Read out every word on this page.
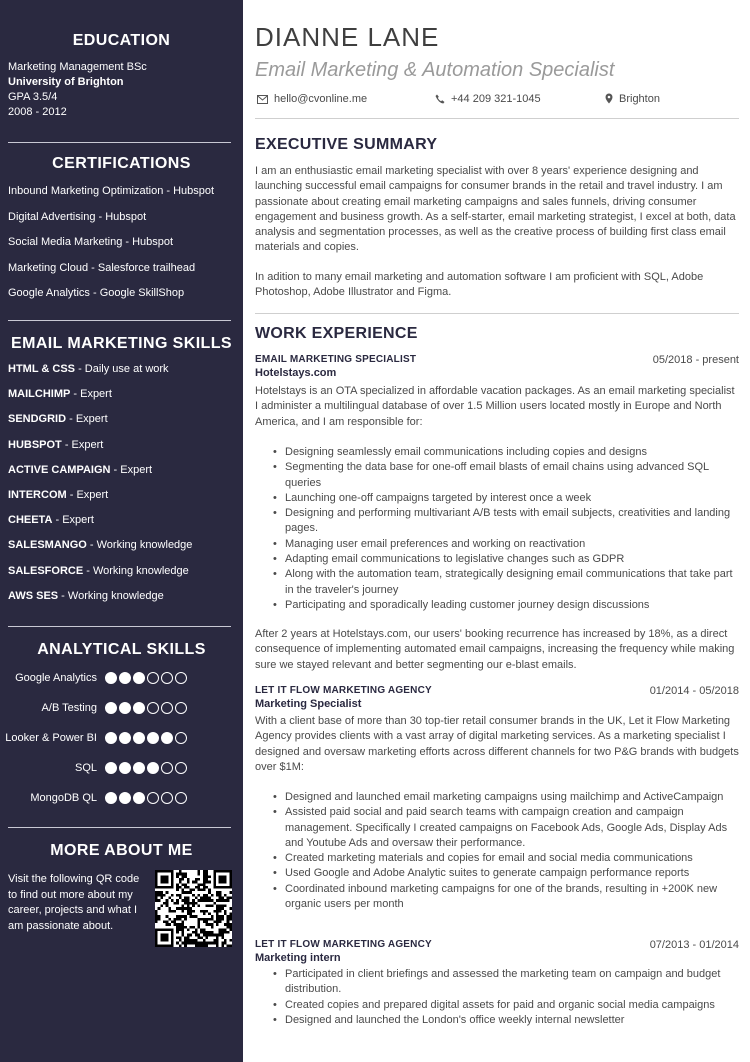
EDUCATION
Marketing Management BSc
University of Brighton
GPA 3.5/4
2008 - 2012
CERTIFICATIONS
Inbound Marketing Optimization - Hubspot
Digital Advertising - Hubspot
Social Media Marketing - Hubspot
Marketing Cloud - Salesforce trailhead
Google Analytics - Google SkillShop
EMAIL MARKETING SKILLS
HTML & CSS - Daily use at work
MAILCHIMP - Expert
SENDGRID - Expert
HUBSPOT - Expert
ACTIVE CAMPAIGN - Expert
INTERCOM - Expert
CHEETA - Expert
SALESMANGO - Working knowledge
SALESFORCE - Working knowledge
AWS SES - Working knowledge
ANALYTICAL SKILLS
Google Analytics
A/B Testing
Looker & Power BI
SQL
MongoDB QL
MORE ABOUT ME
Visit the following QR code to find out more about my career, projects and what I am passionate about.
DIANNE LANE
Email Marketing & Automation Specialist
hello@cvonline.me	+44 209 321-1045	Brighton
EXECUTIVE SUMMARY
I am an enthusiastic email marketing specialist with over 8 years' experience designing and launching successful email campaigns for consumer brands in the retail and travel industry. I am passionate about creating email marketing campaigns and sales funnels, driving consumer engagement and business growth. As a self-starter, email marketing strategist, I excel at both, data analysis and segmentation processes, as well as the creative process of building first class email materials and copies.
In adition to many email marketing and automation software I am proficient with SQL, Adobe Photoshop, Adobe Illustrator and Figma.
WORK EXPERIENCE
EMAIL MARKETING SPECIALIST	05/2018 - present
Hotelstays.com
Hotelstays is an OTA specialized in affordable vacation packages. As an email marketing specialist I administer a multilingual database of over 1.5 Million users located mostly in Europe and North America, and I am responsible for:
• Designing seamlessly email communications including copies and designs
• Segmenting the data base for one-off email blasts of email chains using advanced SQL queries
• Launching one-off campaigns targeted by interest once a week
• Designing and performing multivariant A/B tests with email subjects, creativities and landing pages.
• Managing user email preferences and working on reactivation
• Adapting email communications to legislative changes such as GDPR
• Along with the automation team, strategically designing email communications that take part in the traveler's journey
• Participating and sporadically leading customer journey design discussions
After 2 years at Hotelstays.com, our users' booking recurrence has increased by 18%, as a direct consequence of implementing automated email campaigns, increasing the frequency while making sure we stayed relevant and better segmenting our e-blast emails.
LET IT FLOW MARKETING AGENCY	01/2014 - 05/2018
Marketing Specialist
With a client base of more than 30 top-tier retail consumer brands in the UK, Let it Flow Marketing Agency provides clients with a vast array of digital marketing services. As a marketing specialist I designed and oversaw marketing efforts across different channels for two P&G brands with budgets over $1M:
• Designed and launched email marketing campaigns using mailchimp and ActiveCampaign
• Assisted paid social and paid search teams with campaign creation and campaign management. Specifically I created campaigns on Facebook Ads, Google Ads, Display Ads and Youtube Ads and oversaw their performance.
• Created marketing materials and copies for email and social media communications
• Used Google and Adobe Analytic suites to generate campaign performance reports
• Coordinated inbound marketing campaigns for one of the brands, resulting in +200K new organic users per month
LET IT FLOW MARKETING AGENCY	07/2013 - 01/2014
Marketing intern
• Participated in client briefings and assessed the marketing team on campaign and budget distribution.
• Created copies and prepared digital assets for paid and organic social media campaigns
• Designed and launched the London's office weekly internal newsletter
